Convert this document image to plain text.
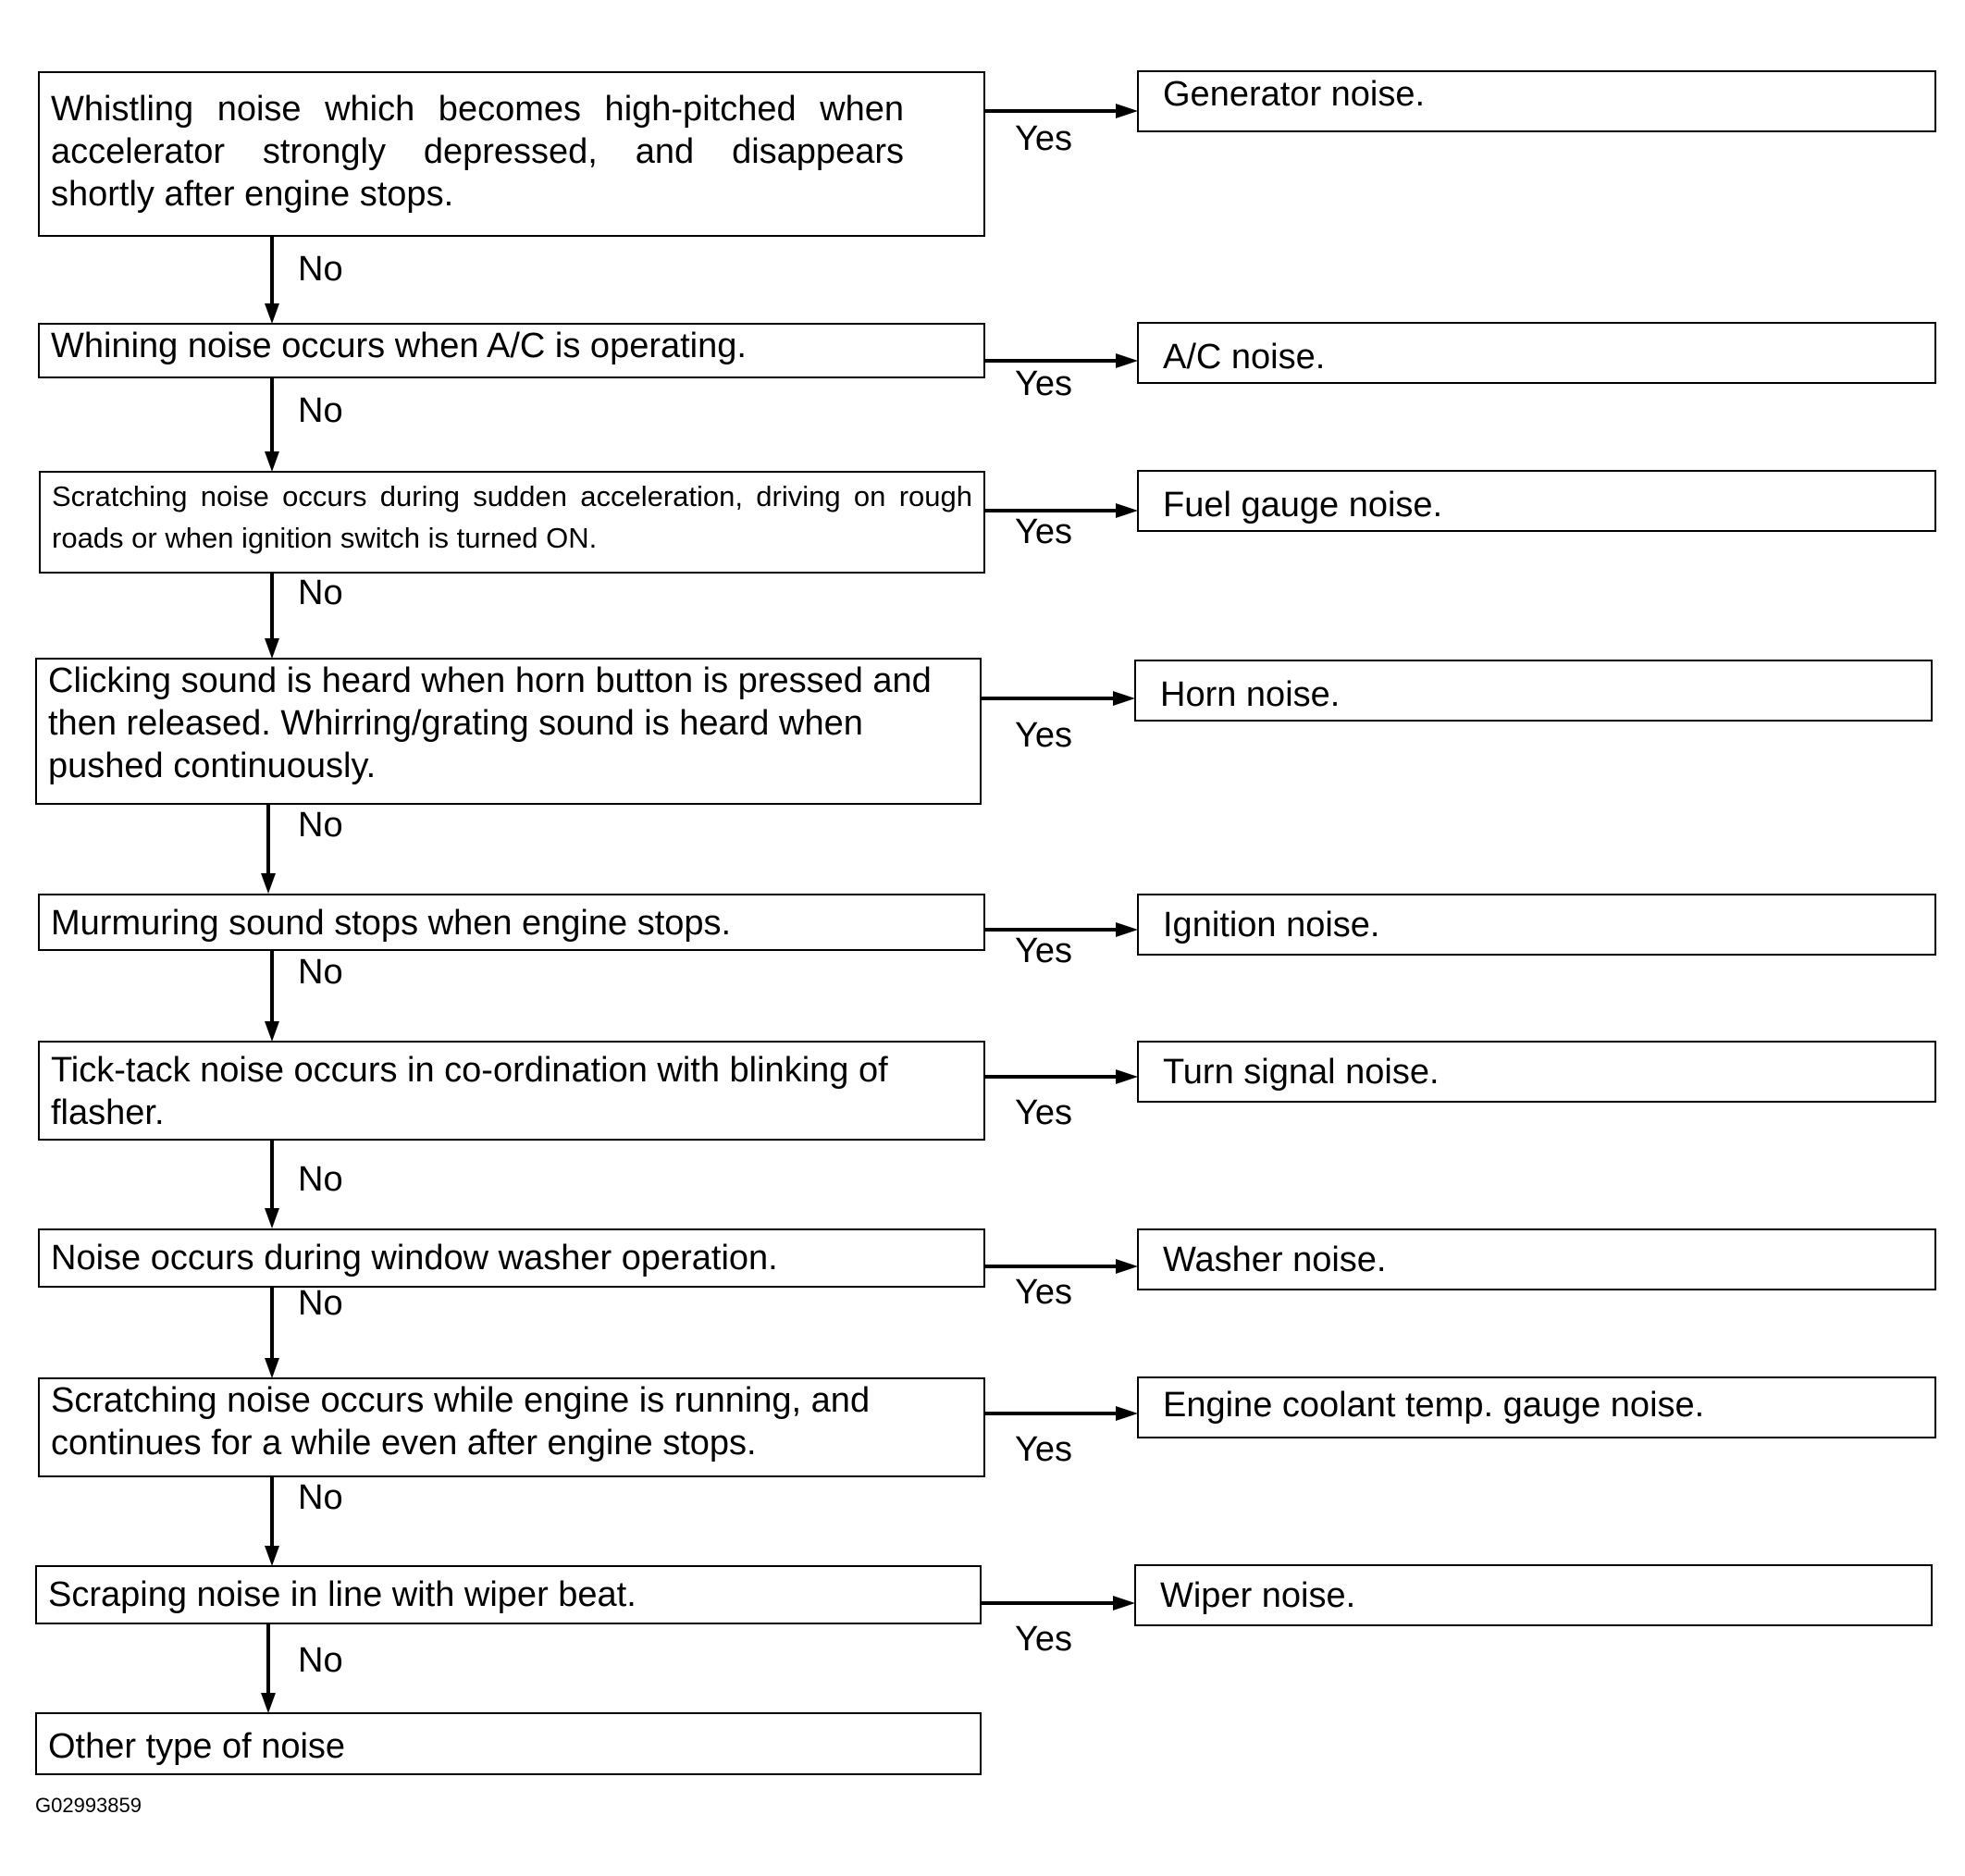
Whistling noise which becomes high-pitched when accelerator strongly depressed, and disappears shortly after engine stops.
Whining noise occurs when A/C is operating.
Scratching noise occurs during sudden acceleration, driving on rough roads or when ignition switch is turned ON.
Clicking sound is heard when horn button is pressed and then released. Whirring/grating sound is heard when pushed continuously.
Murmuring sound stops when engine stops.
Tick-tack noise occurs in co-ordination with blinking of flasher.
Noise occurs during window washer operation.
Scratching noise occurs while engine is running, and continues for a while even after engine stops.
Scraping noise in line with wiper beat.
Other type of noise
Generator noise.
A/C noise.
Fuel gauge noise.
Horn noise.
Ignition noise.
Turn signal noise.
Washer noise.
Engine coolant temp. gauge noise.
Wiper noise.
Yes
Yes
Yes
Yes
Yes
Yes
Yes
Yes
Yes
No
No
No
No
No
No
No
No
No
G02993859
